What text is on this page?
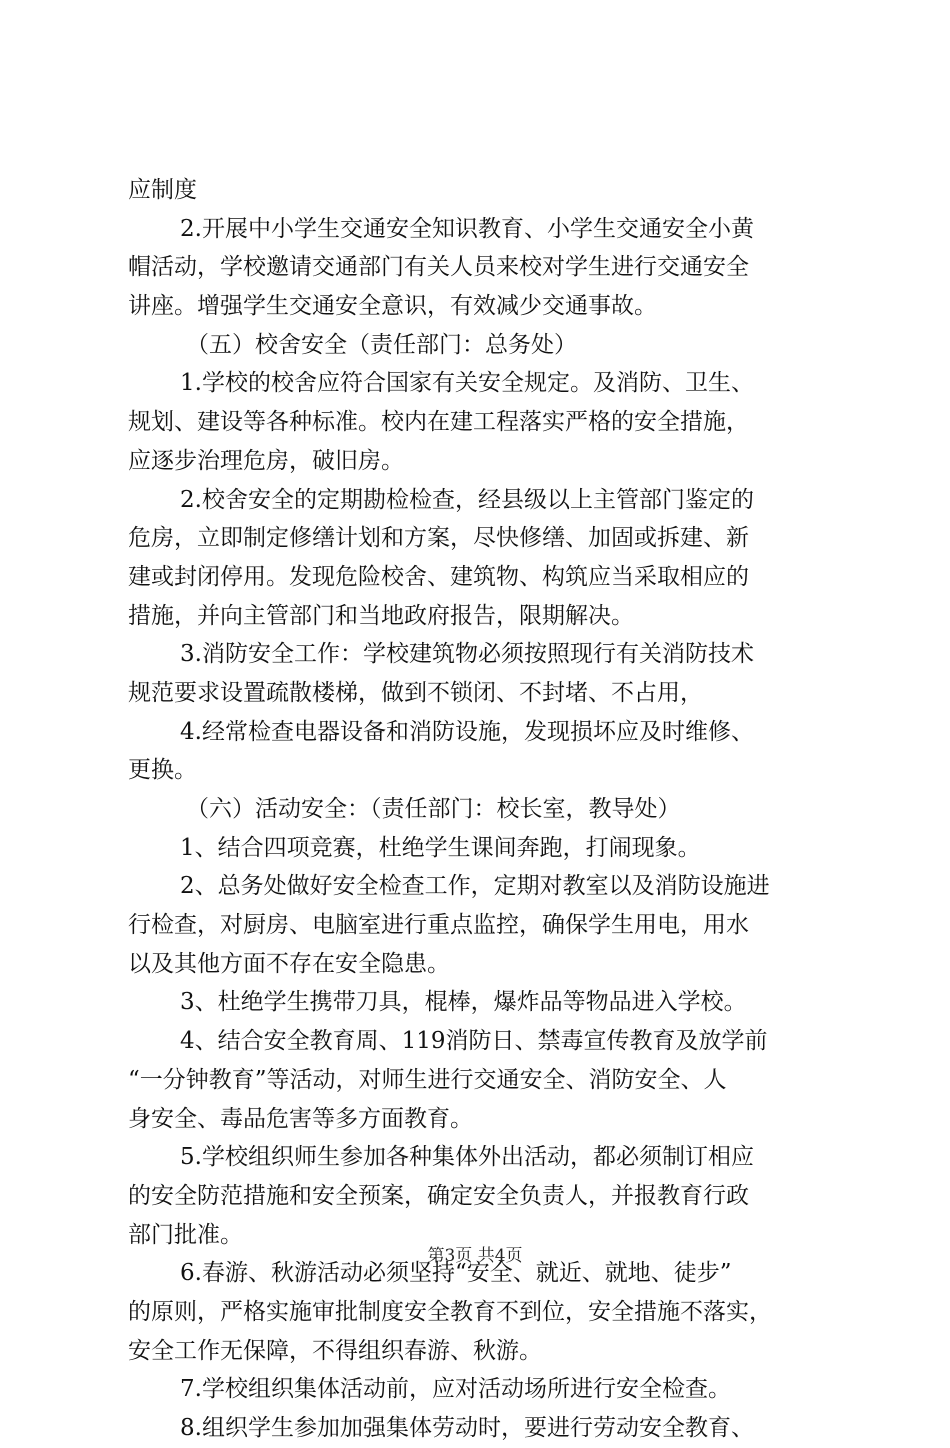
应制度
2.开展中小学生交通安全知识教育、小学生交通安全小黄
帽活动，学校邀请交通部门有关人员来校对学生进行交通安全
讲座。增强学生交通安全意识，有效减少交通事故。
（五）校舍安全（责任部门：总务处）
1.学校的校舍应符合国家有关安全规定。及消防、卫生、
规划、建设等各种标准。校内在建工程落实严格的安全措施，
应逐步治理危房，破旧房。
2.校舍安全的定期勘检检查，经县级以上主管部门鉴定的
危房，立即制定修缮计划和方案，尽快修缮、加固或拆建、新
建或封闭停用。发现危险校舍、建筑物、构筑应当采取相应的
措施，并向主管部门和当地政府报告，限期解决。
3.消防安全工作：学校建筑物必须按照现行有关消防技术
规范要求设置疏散楼梯，做到不锁闭、不封堵、不占用，
4.经常检查电器设备和消防设施，发现损坏应及时维修、
更换。
（六）活动安全：（责任部门：校长室，教导处）
1、结合四项竞赛，杜绝学生课间奔跑，打闹现象。
2、总务处做好安全检查工作，定期对教室以及消防设施进
行检查，对厨房、电脑室进行重点监控，确保学生用电，用水
以及其他方面不存在安全隐患。
3、杜绝学生携带刀具，棍棒，爆炸品等物品进入学校。
4、结合安全教育周、119消防日、禁毒宣传教育及放学前
“一分钟教育”等活动，对师生进行交通安全、消防安全、人
身安全、毒品危害等多方面教育。
5.学校组织师生参加各种集体外出活动，都必须制订相应
的安全防范措施和安全预案，确定安全负责人，并报教育行政
部门批准。
6.春游、秋游活动必须坚持“安全、就近、就地、徒步”
的原则，严格实施审批制度安全教育不到位，安全措施不落实，
安全工作无保障，不得组织春游、秋游。
7.学校组织集体活动前，应对活动场所进行安全检查。
8.组织学生参加加强集体劳动时，要进行劳动安全教育、
第3页 共4页
